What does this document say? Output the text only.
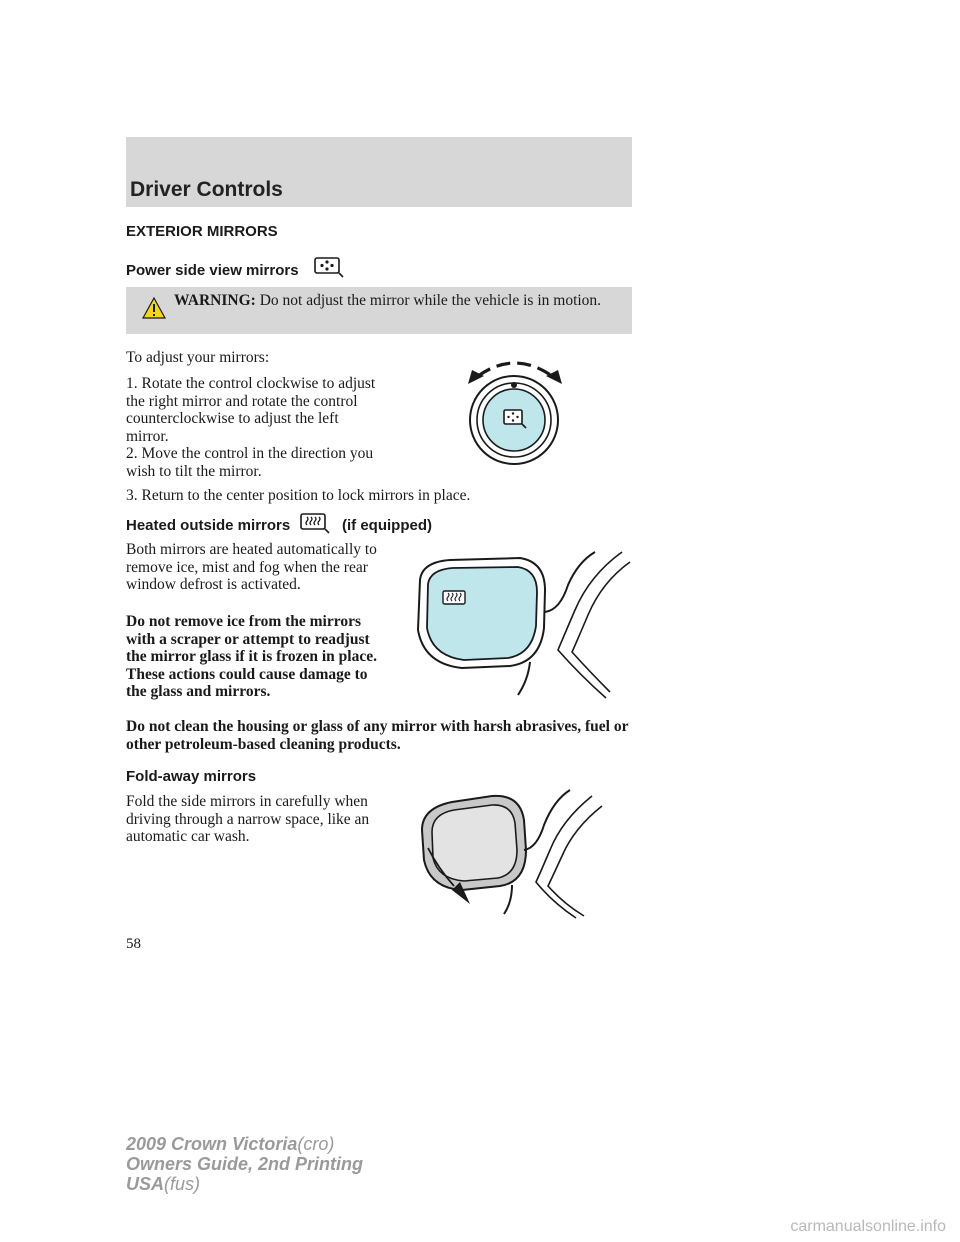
Driver Controls
EXTERIOR MIRRORS
Power side view mirrors
WARNING: Do not adjust the mirror while the vehicle is in motion.
To adjust your mirrors:
1. Rotate the control clockwise to adjust the right mirror and rotate the control counterclockwise to adjust the left mirror.
2. Move the control in the direction you wish to tilt the mirror.
3. Return to the center position to lock mirrors in place.
Heated outside mirrors	(if equipped)
Both mirrors are heated automatically to remove ice, mist and fog when the rear window defrost is activated.
Do not remove ice from the mirrors with a scraper or attempt to readjust the mirror glass if it is frozen in place. These actions could cause damage to the glass and mirrors.
Do not clean the housing or glass of any mirror with harsh abrasives, fuel or other petroleum-based cleaning products.
Fold-away mirrors
Fold the side mirrors in carefully when driving through a narrow space, like an automatic car wash.
58
2009 Crown Victoria(cro)
Owners Guide, 2nd Printing
USA(fus)
carmanualsonline.info
